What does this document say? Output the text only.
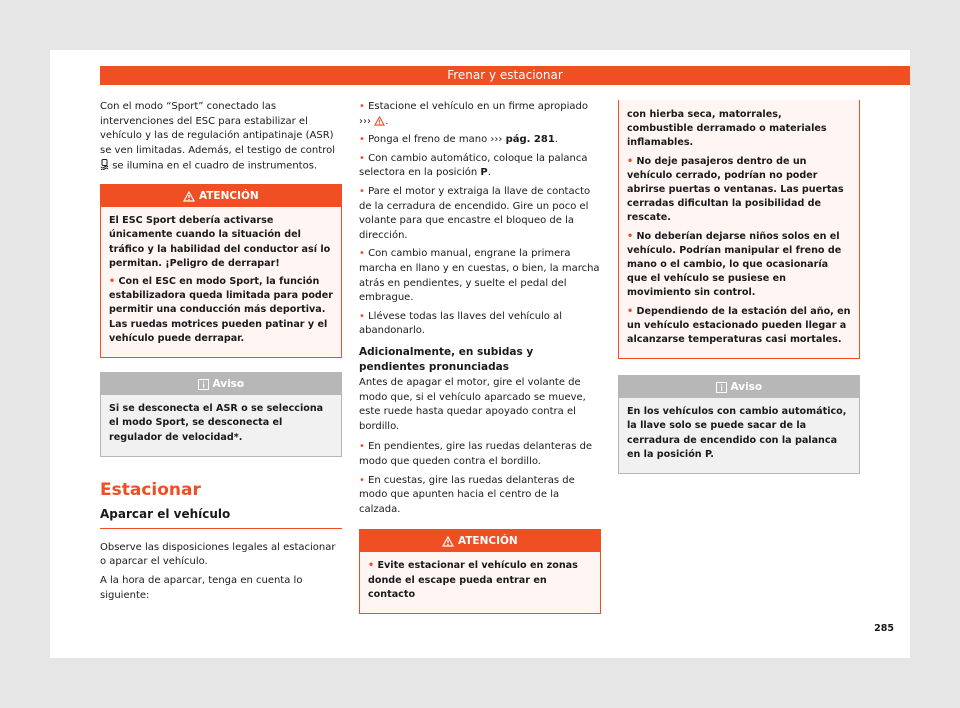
Frenar y estacionar

Con el modo “Sport” conectado las intervenciones del ESC para estabilizar el vehículo y las de regulación antipatinaje (ASR) se ven limitadas. Además, el testigo de control  se ilumina en el cuadro de instrumentos.

ATENCIÓN

El ESC Sport debería activarse únicamente cuando la situación del tráfico y la habilidad del conductor así lo permitan. ¡Peligro de derrapar!

• Con el ESC en modo Sport, la función estabilizadora queda limitada para poder permitir una conducción más deportiva. Las ruedas motrices pueden patinar y el vehículo puede derrapar.

Aviso

Si se desconecta el ASR o se selecciona el modo Sport, se desconecta el regulador de velocidad*.

Estacionar
Aparcar el vehículo

Observe las disposiciones legales al estacionar o aparcar el vehículo.

A la hora de aparcar, tenga en cuenta lo siguiente:

• Estacione el vehículo en un firme apropiado ››› .

• Ponga el freno de mano ››› pág. 281.

• Con cambio automático, coloque la palanca selectora en la posición P.

• Pare el motor y extraiga la llave de contacto de la cerradura de encendido. Gire un poco el volante para que encastre el bloqueo de la dirección.

• Con cambio manual, engrane la primera marcha en llano y en cuestas, o bien, la marcha atrás en pendientes, y suelte el pedal del embrague.

• Llévese todas las llaves del vehículo al abandonarlo.

Adicionalmente, en subidas y pendientes pronunciadas

Antes de apagar el motor, gire el volante de modo que, si el vehículo aparcado se mueve, este ruede hasta quedar apoyado contra el bordillo.

• En pendientes, gire las ruedas delanteras de modo que queden contra el bordillo.

• En cuestas, gire las ruedas delanteras de modo que apunten hacia el centro de la calzada.

ATENCIÓN

• Evite estacionar el vehículo en zonas donde el escape pueda entrar en contacto

con hierba seca, matorrales, combustible derramado o materiales inflamables.

• No deje pasajeros dentro de un vehículo cerrado, podrían no poder abrirse puertas o ventanas. Las puertas cerradas dificultan la posibilidad de rescate.

• No deberían dejarse niños solos en el vehículo. Podrían manipular el freno de mano o el cambio, lo que ocasionaría que el vehículo se pusiese en movimiento sin control.

• Dependiendo de la estación del año, en un vehículo estacionado pueden llegar a alcanzarse temperaturas casi mortales.

Aviso

En los vehículos con cambio automático, la llave solo se puede sacar de la cerradura de encendido con la palanca en la posición P.

285
